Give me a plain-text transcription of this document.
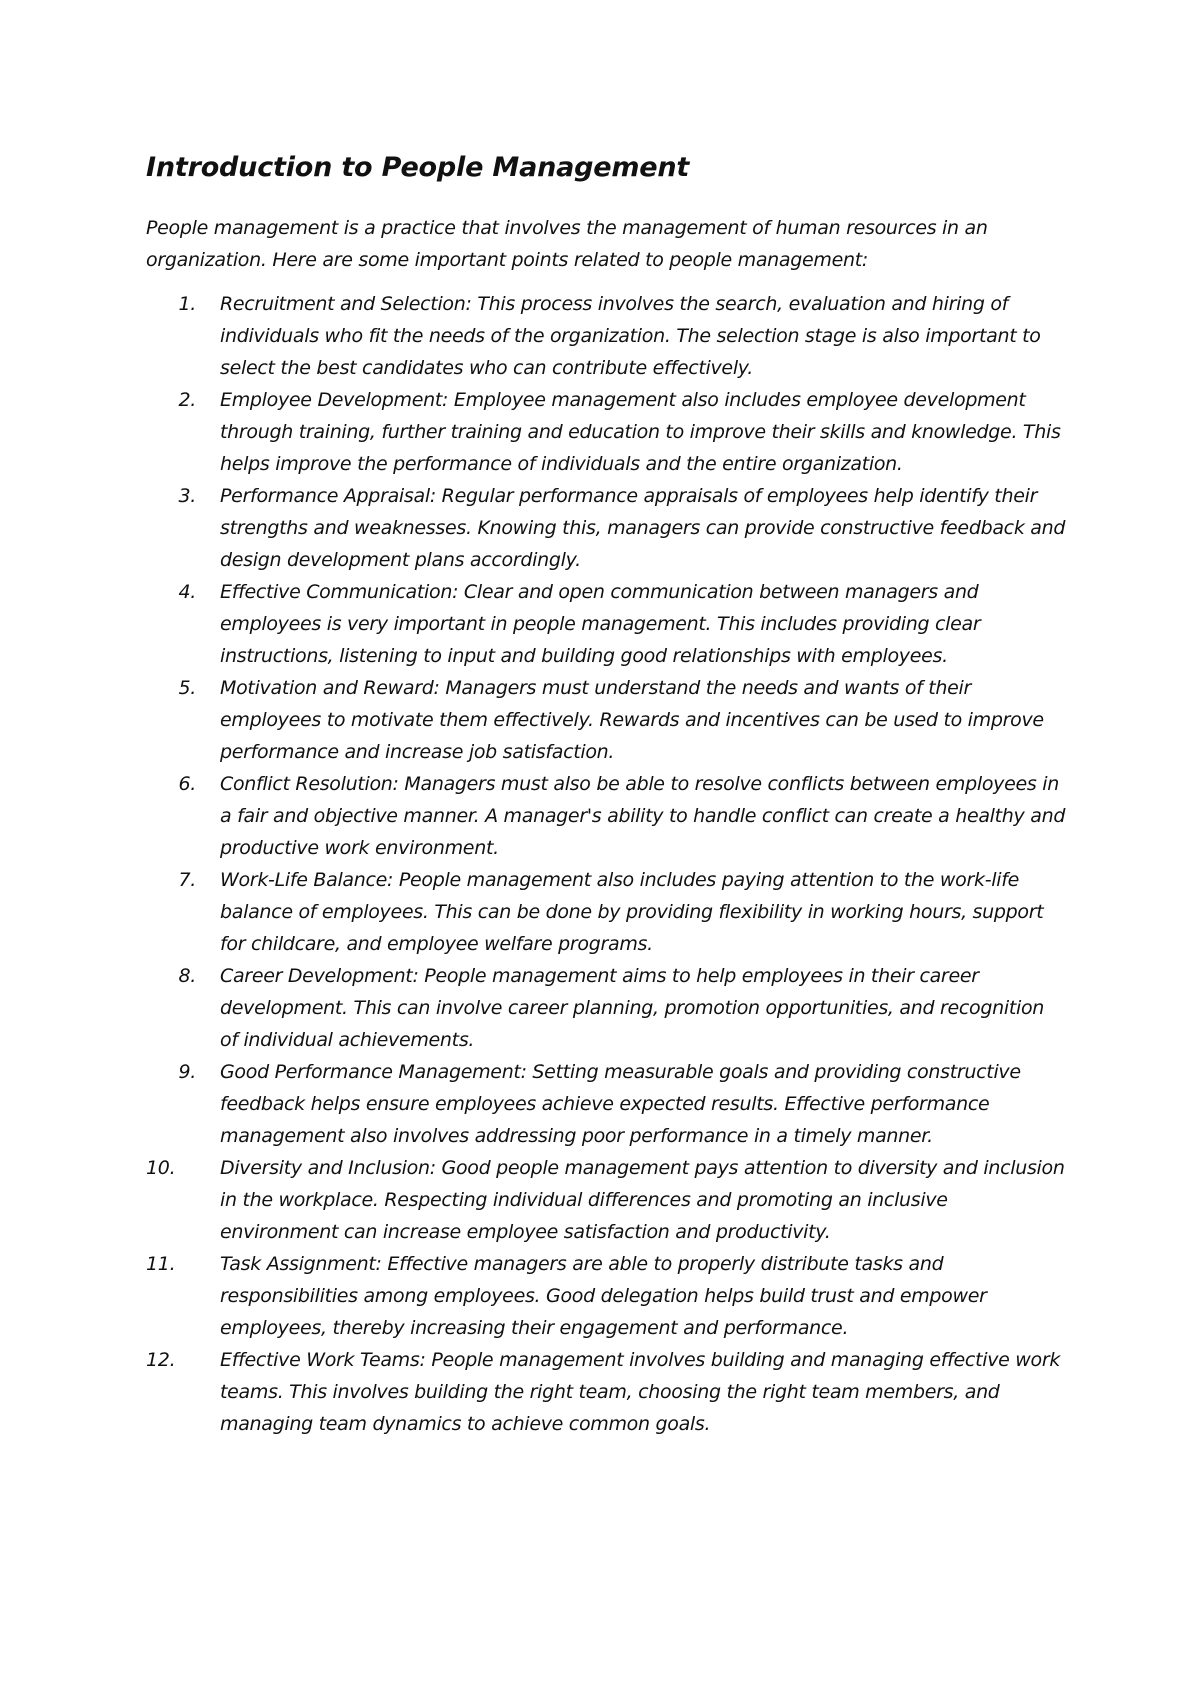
Introduction to People Management

People management is a practice that involves the management of human resources in an organization. Here are some important points related to people management:

1. Recruitment and Selection: This process involves the search, evaluation and hiring of individuals who fit the needs of the organization. The selection stage is also important to select the best candidates who can contribute effectively.
2. Employee Development: Employee management also includes employee development through training, further training and education to improve their skills and knowledge. This helps improve the performance of individuals and the entire organization.
3. Performance Appraisal: Regular performance appraisals of employees help identify their strengths and weaknesses. Knowing this, managers can provide constructive feedback and design development plans accordingly.
4. Effective Communication: Clear and open communication between managers and employees is very important in people management. This includes providing clear instructions, listening to input and building good relationships with employees.
5. Motivation and Reward: Managers must understand the needs and wants of their employees to motivate them effectively. Rewards and incentives can be used to improve performance and increase job satisfaction.
6. Conflict Resolution: Managers must also be able to resolve conflicts between employees in a fair and objective manner. A manager's ability to handle conflict can create a healthy and productive work environment.
7. Work-Life Balance: People management also includes paying attention to the work-life balance of employees. This can be done by providing flexibility in working hours, support for childcare, and employee welfare programs.
8. Career Development: People management aims to help employees in their career development. This can involve career planning, promotion opportunities, and recognition of individual achievements.
9. Good Performance Management: Setting measurable goals and providing constructive feedback helps ensure employees achieve expected results. Effective performance management also involves addressing poor performance in a timely manner.
10.	Diversity and Inclusion: Good people management pays attention to diversity and inclusion in the workplace. Respecting individual differences and promoting an inclusive environment can increase employee satisfaction and productivity.
11.	Task Assignment: Effective managers are able to properly distribute tasks and responsibilities among employees. Good delegation helps build trust and empower employees, thereby increasing their engagement and performance.
12.	Effective Work Teams: People management involves building and managing effective work teams. This involves building the right team, choosing the right team members, and managing team dynamics to achieve common goals.
